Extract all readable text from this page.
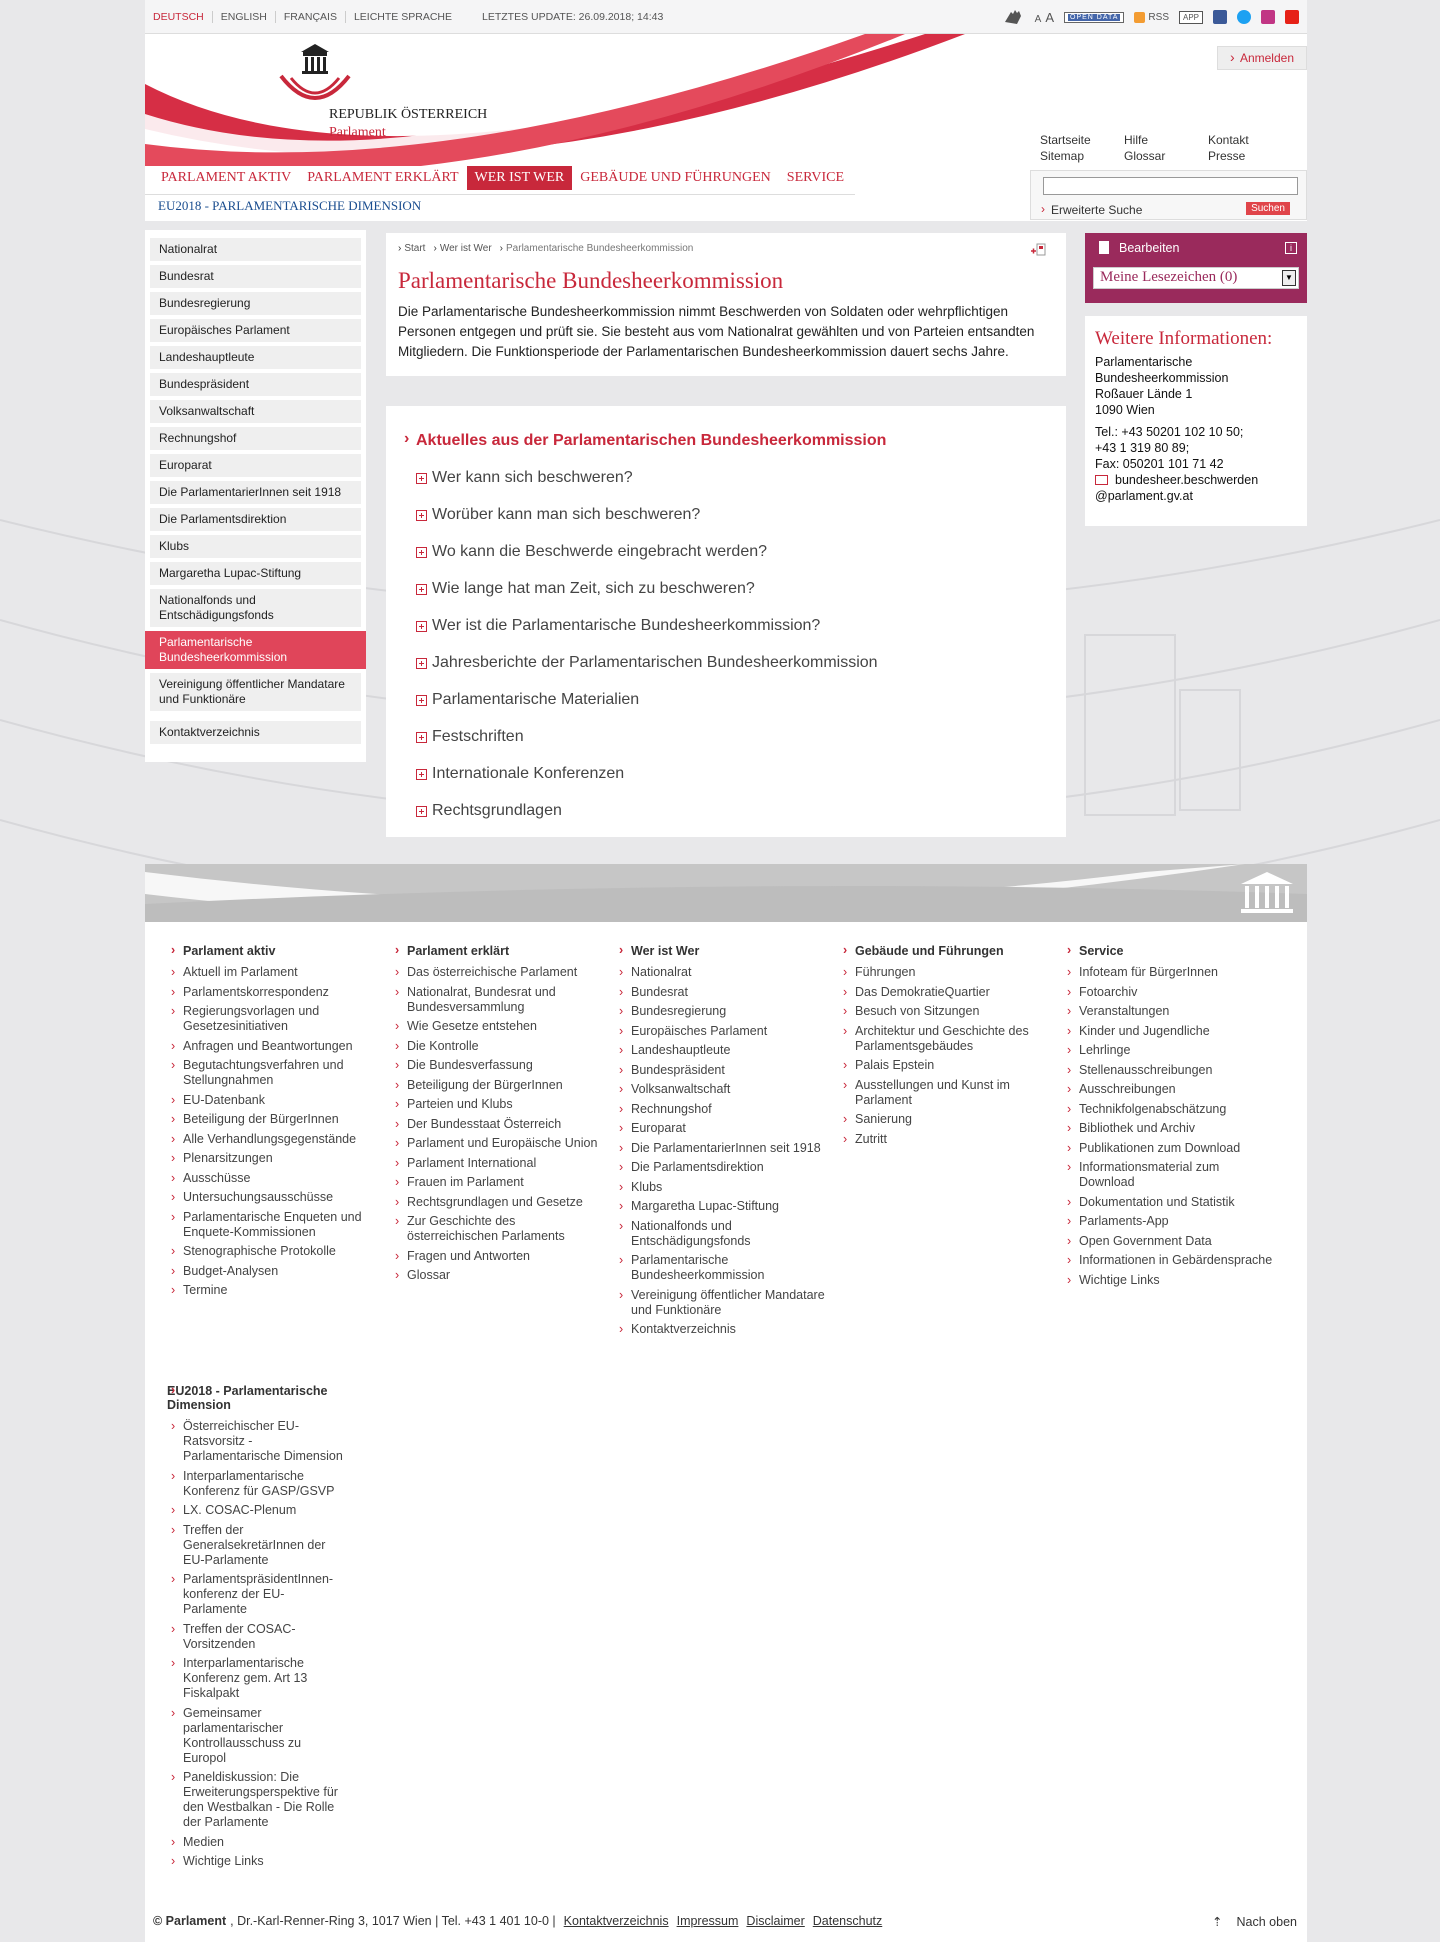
DEUTSCH	ENGLISH	FRANÇAIS	LEICHTE SPRACHE	LETZTES UPDATE: 26.09.2018; 14:43	A A	OPEN DATA	RSS	APP
REPUBLIK ÖSTERREICH
Parlament
› Anmelden
Startseite	Hilfe	Kontakt
Sitemap	Glossar	Presse
PARLAMENT AKTIV	PARLAMENT ERKLÄRT	WER IST WER	GEBÄUDE UND FÜHRUNGEN	SERVICE
EU2018 - PARLAMENTARISCHE DIMENSION	› Erweiterte Suche	Suchen
Nationalrat
Bundesrat
Bundesregierung
Europäisches Parlament
Landeshauptleute
Bundespräsident
Volksanwaltschaft
Rechnungshof
Europarat
Die ParlamentarierInnen seit 1918
Die Parlamentsdirektion
Klubs
Margaretha Lupac-Stiftung
Nationalfonds und Entschädigungsfonds
Parlamentarische Bundesheerkommission
Vereinigung öffentlicher Mandatare und Funktionäre
Kontaktverzeichnis
› Start	› Wer ist Wer	› Parlamentarische Bundesheerkommission
Parlamentarische Bundesheerkommission

Die Parlamentarische Bundesheerkommission nimmt Beschwerden von Soldaten oder wehrpflichtigen Personen entgegen und prüft sie. Sie besteht aus vom Nationalrat gewählten und von Parteien entsandten Mitgliedern. Die Funktionsperiode der Parlamentarischen Bundesheerkommission dauert sechs Jahre.

› Aktuelles aus der Parlamentarischen Bundesheerkommission
Wer kann sich beschweren?
Worüber kann man sich beschweren?
Wo kann die Beschwerde eingebracht werden?
Wie lange hat man Zeit, sich zu beschweren?
Wer ist die Parlamentarische Bundesheerkommission?
Jahresberichte der Parlamentarischen Bundesheerkommission
Parlamentarische Materialien
Festschriften
Internationale Konferenzen
Rechtsgrundlagen
Bearbeiten	i
Meine Lesezeichen (0)	▼
Weitere Informationen:
Parlamentarische
Bundesheerkommission
Roßauer Lände 1
1090 Wien
Tel.: +43 50201 102 10 50;
+43 1 319 80 89;
Fax: 050201 101 71 42
bundesheer.beschwerden
@parlament.gv.at
› Parlament aktiv
› Aktuell im Parlament
› Parlamentskorrespondenz
› Regierungsvorlagen und Gesetzesinitiativen
› Anfragen und Beantwortungen
› Begutachtungsverfahren und Stellungnahmen
› EU-Datenbank
› Beteiligung der BürgerInnen
› Alle Verhandlungsgegenstände
› Plenarsitzungen
› Ausschüsse
› Untersuchungsausschüsse
› Parlamentarische Enqueten und Enquete-Kommissionen
› Stenographische Protokolle
› Budget-Analysen
› Termine
› Parlament erklärt
› Das österreichische Parlament
› Nationalrat, Bundesrat und Bundesversammlung
› Wie Gesetze entstehen
› Die Kontrolle
› Die Bundesverfassung
› Beteiligung der BürgerInnen
› Parteien und Klubs
› Der Bundesstaat Österreich
› Parlament und Europäische Union
› Parlament International
› Frauen im Parlament
› Rechtsgrundlagen und Gesetze
› Zur Geschichte des österreichischen Parlaments
› Fragen und Antworten
› Glossar
› Wer ist Wer
› Nationalrat
› Bundesrat
› Bundesregierung
› Europäisches Parlament
› Landeshauptleute
› Bundespräsident
› Volksanwaltschaft
› Rechnungshof
› Europarat
› Die ParlamentarierInnen seit 1918
› Die Parlamentsdirektion
› Klubs
› Margaretha Lupac-Stiftung
› Nationalfonds und Entschädigungsfonds
› Parlamentarische Bundesheerkommission
› Vereinigung öffentlicher Mandatare und Funktionäre
› Kontaktverzeichnis
› Gebäude und Führungen
› Führungen
› Das DemokratieQuartier
› Besuch von Sitzungen
› Architektur und Geschichte des Parlamentsgebäudes
› Palais Epstein
› Ausstellungen und Kunst im Parlament
› Sanierung
› Zutritt
› Service
› Infoteam für BürgerInnen
› Fotoarchiv
› Veranstaltungen
› Kinder und Jugendliche
› Lehrlinge
› Stellenausschreibungen
› Ausschreibungen
› Technikfolgenabschätzung
› Bibliothek und Archiv
› Publikationen zum Download
› Informationsmaterial zum Download
› Dokumentation und Statistik
› Parlaments-App
› Open Government Data
› Informationen in Gebärdensprache
› Wichtige Links
› EU2018 - Parlamentarische Dimension
› Österreichischer EU-Ratsvorsitz - Parlamentarische Dimension
› Interparlamentarische Konferenz für GASP/GSVP
› LX. COSAC-Plenum
› Treffen der GeneralsekretärInnen der EU-Parlamente
› ParlamentspräsidentInnen-konferenz der EU-Parlamente
› Treffen der COSAC-Vorsitzenden
› Interparlamentarische Konferenz gem. Art 13 Fiskalpakt
› Gemeinsamer parlamentarischer Kontrollausschuss zu Europol
› Paneldiskussion: Die Erweiterungsperspektive für den Westbalkan - Die Rolle der Parlamente
› Medien
› Wichtige Links
© Parlament , Dr.-Karl-Renner-Ring 3, 1017 Wien | Tel. +43 1 401 10-0 | Kontaktverzeichnis Impressum Disclaimer Datenschutz	⇡ Nach oben
